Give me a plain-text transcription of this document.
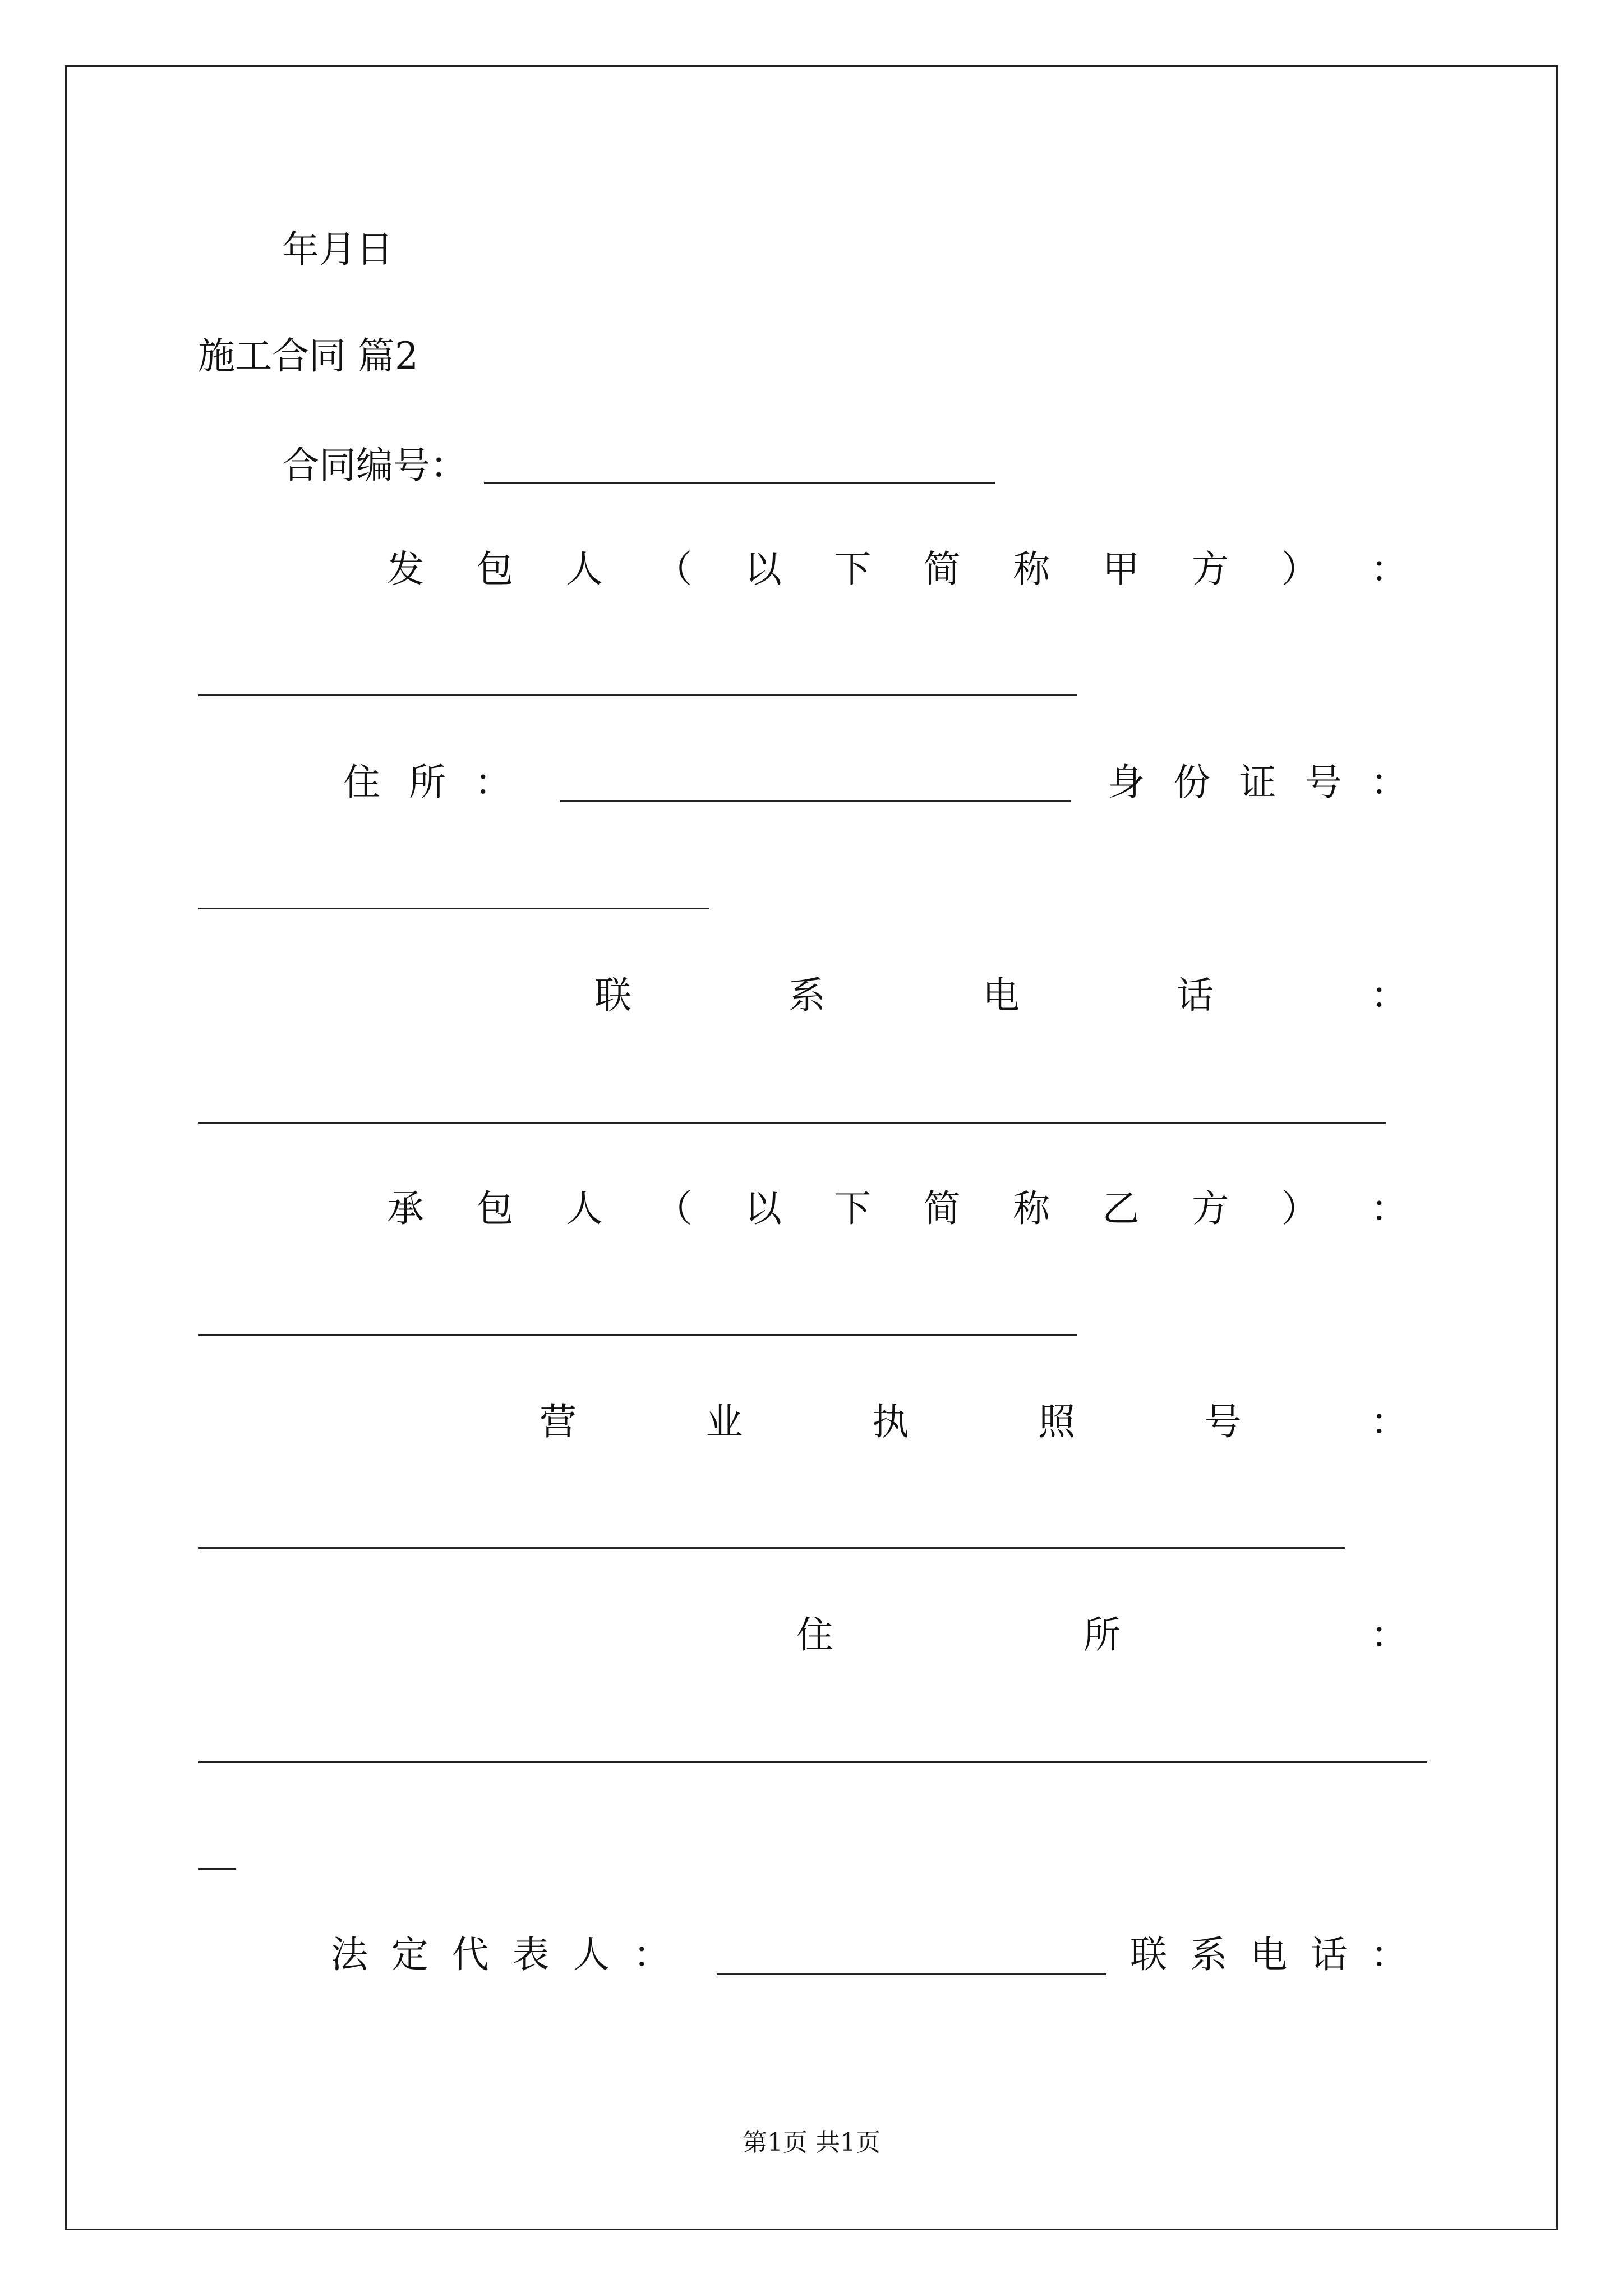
年月日
施工合同 篇2
合同编号：
发 包 人 （ 以 下 简 称 甲 方 ） ：
住 所 ：	身 份 证 号 ：
联	系	电	话	：
承 包 人 （ 以 下 简 称 乙 方 ） ：
营	业	执	照	号	：
住	所	：
法 定 代 表 人 ：	联 系 电 话 ：
第1页 共1页
